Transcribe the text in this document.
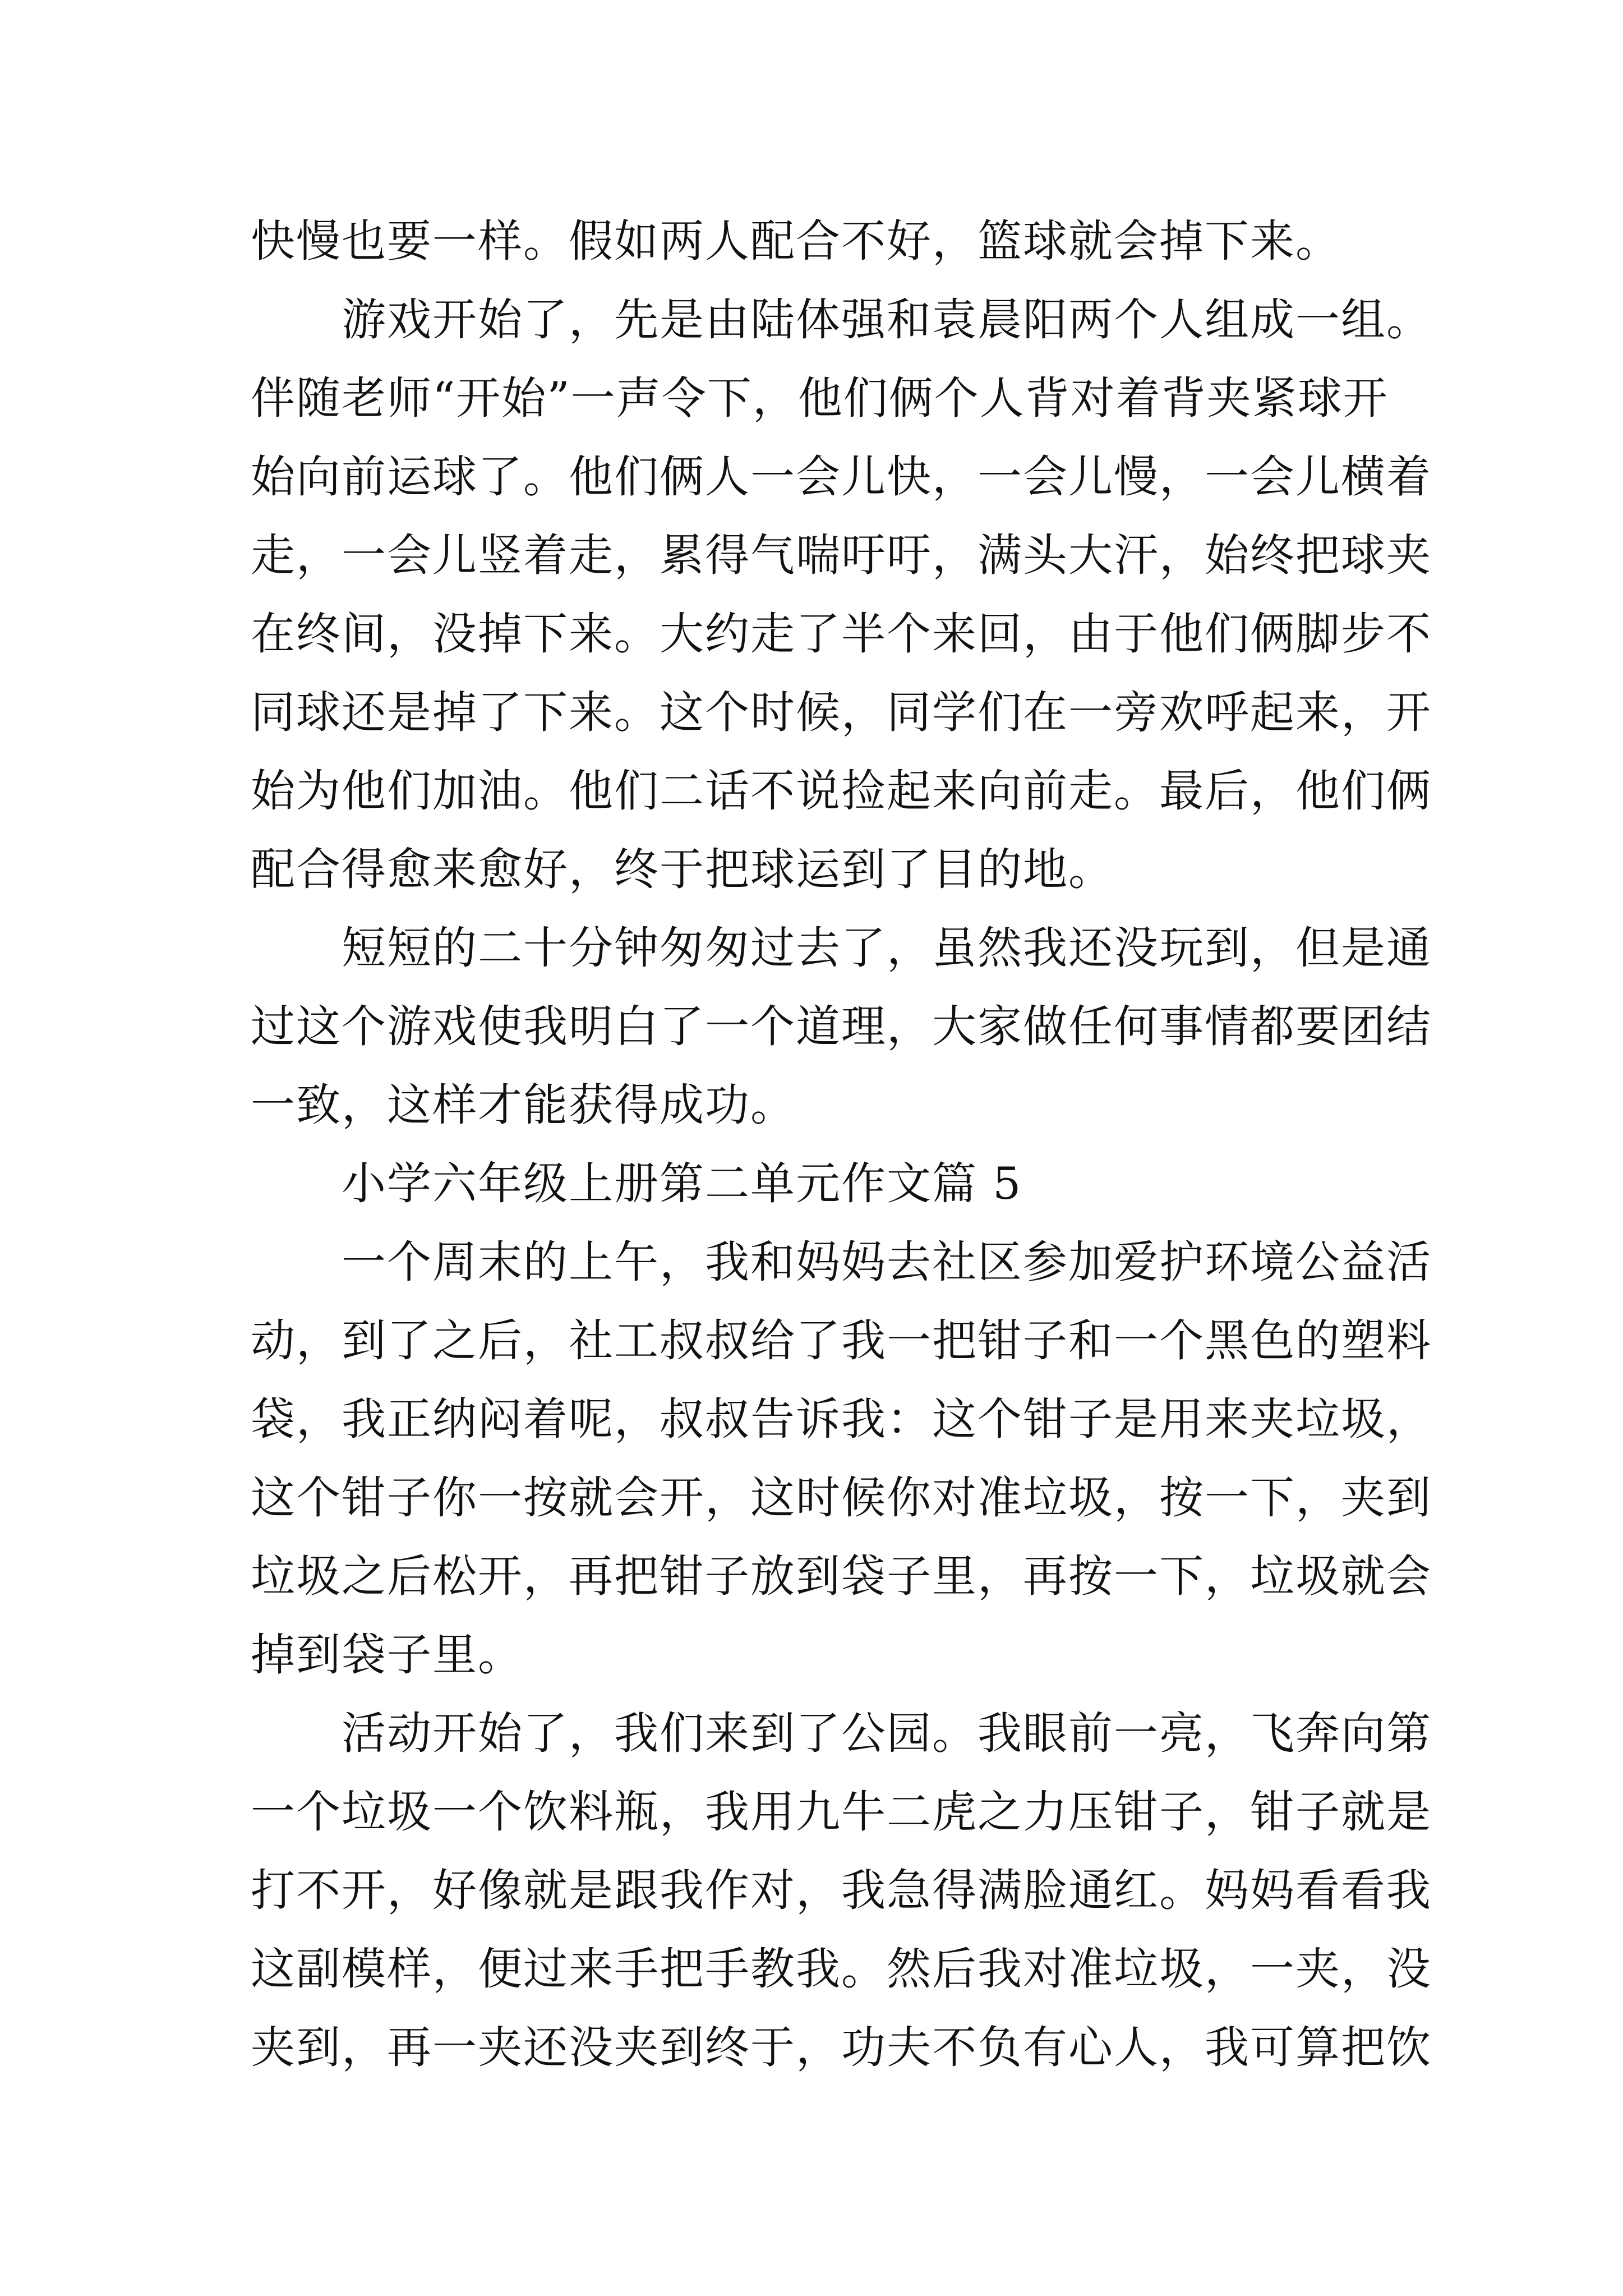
快慢也要一样。假如两人配合不好，篮球就会掉下来。
游戏开始了，先是由陆体强和袁晨阳两个人组成一组。
伴随老师“开始”一声令下，他们俩个人背对着背夹紧球开
始向前运球了。他们俩人一会儿快，一会儿慢，一会儿横着
走，一会儿竖着走，累得气喘吁吁，满头大汗，始终把球夹
在终间，没掉下来。大约走了半个来回，由于他们俩脚步不
同球还是掉了下来。这个时候，同学们在一旁欢呼起来，开
始为他们加油。他们二话不说捡起来向前走。最后，他们俩
配合得愈来愈好，终于把球运到了目的地。
短短的二十分钟匆匆过去了，虽然我还没玩到，但是通
过这个游戏使我明白了一个道理，大家做任何事情都要团结
一致，这样才能获得成功。
小学六年级上册第二单元作文篇 5
一个周末的上午，我和妈妈去社区参加爱护环境公益活
动，到了之后，社工叔叔给了我一把钳子和一个黑色的塑料
袋，我正纳闷着呢，叔叔告诉我：这个钳子是用来夹垃圾，
这个钳子你一按就会开，这时候你对准垃圾，按一下，夹到
垃圾之后松开，再把钳子放到袋子里，再按一下，垃圾就会
掉到袋子里。
活动开始了，我们来到了公园。我眼前一亮，飞奔向第
一个垃圾一个饮料瓶，我用九牛二虎之力压钳子，钳子就是
打不开，好像就是跟我作对，我急得满脸通红。妈妈看看我
这副模样，便过来手把手教我。然后我对准垃圾，一夹，没
夹到，再一夹还没夹到终于，功夫不负有心人，我可算把饮
